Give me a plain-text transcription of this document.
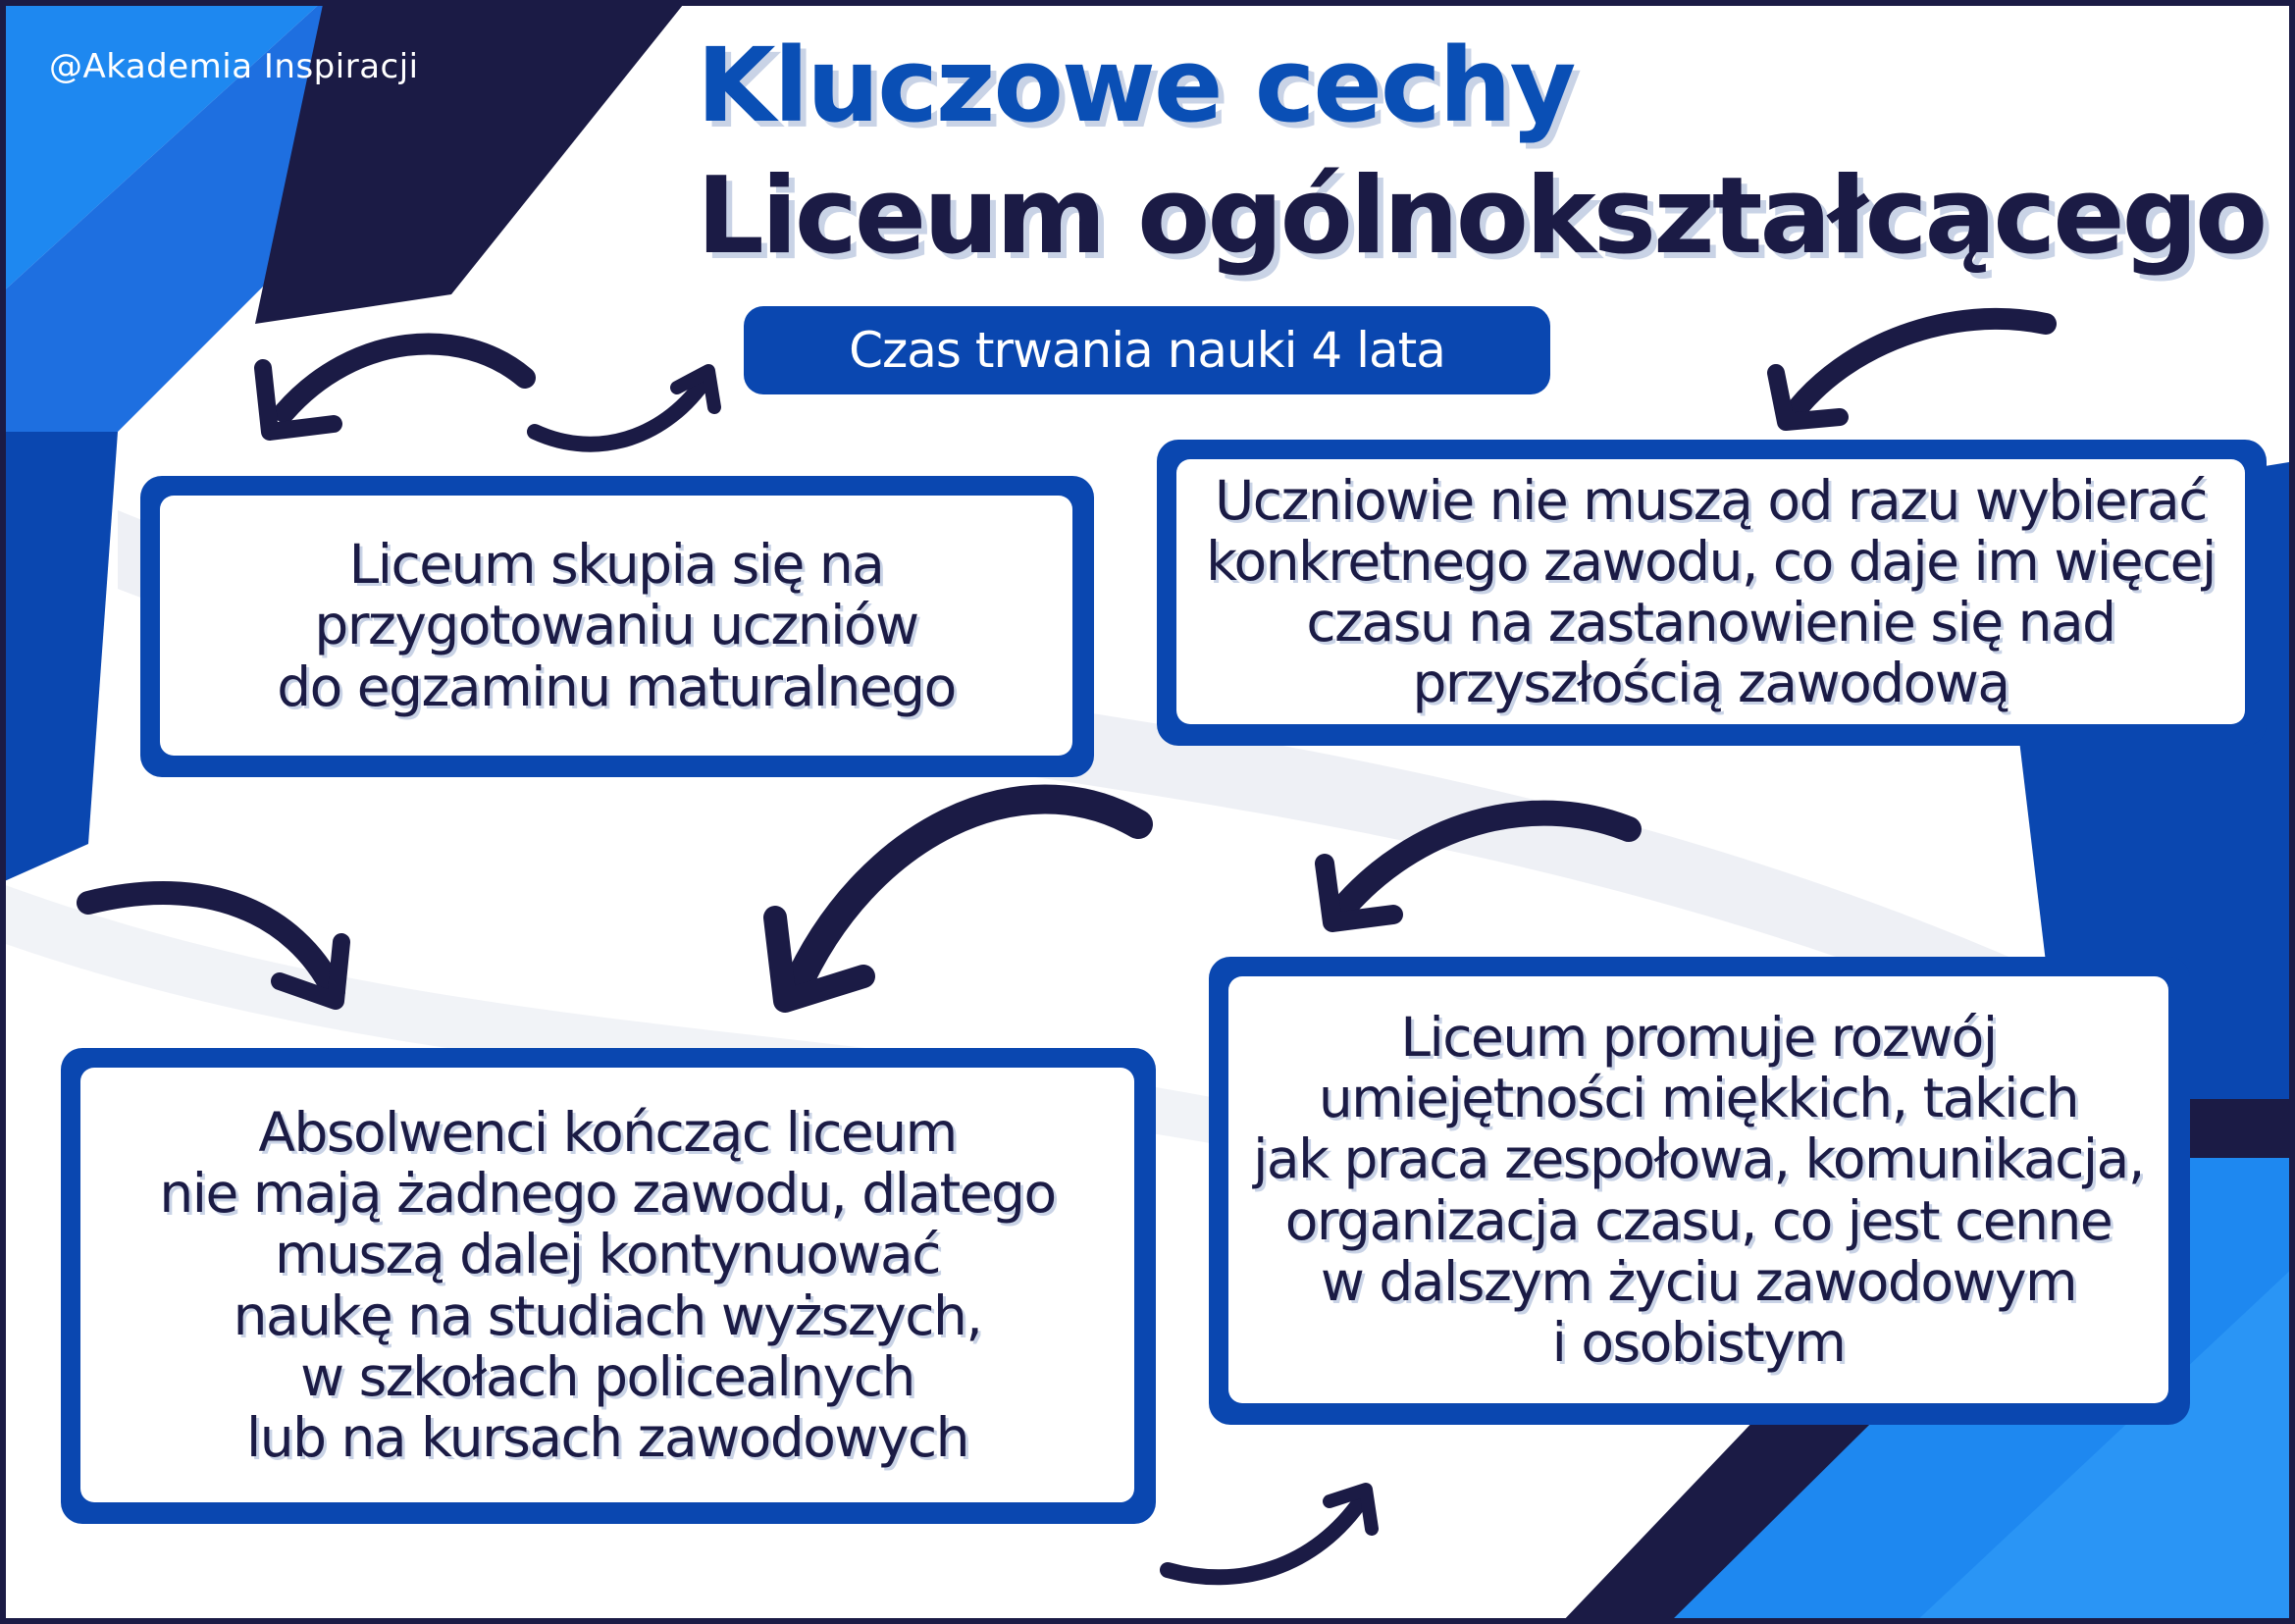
@Akademia Inspiracji	Kluczowe cechy
Liceum ogólnokształcącego
Czas trwania nauki 4 lata
Liceum skupia się na
przygotowaniu uczniów
do egzaminu maturalnego
Uczniowie nie muszą od razu wybierać
konkretnego zawodu, co daje im więcej
czasu na zastanowienie się nad
przyszłością zawodową
Absolwenci kończąc liceum
nie mają żadnego zawodu, dlatego
muszą dalej kontynuować
naukę na studiach wyższych,
w szkołach policealnych
lub na kursach zawodowych
Liceum promuje rozwój
umiejętności miękkich, takich
jak praca zespołowa, komunikacja,
organizacja czasu, co jest cenne
w dalszym życiu zawodowym
i osobistym
